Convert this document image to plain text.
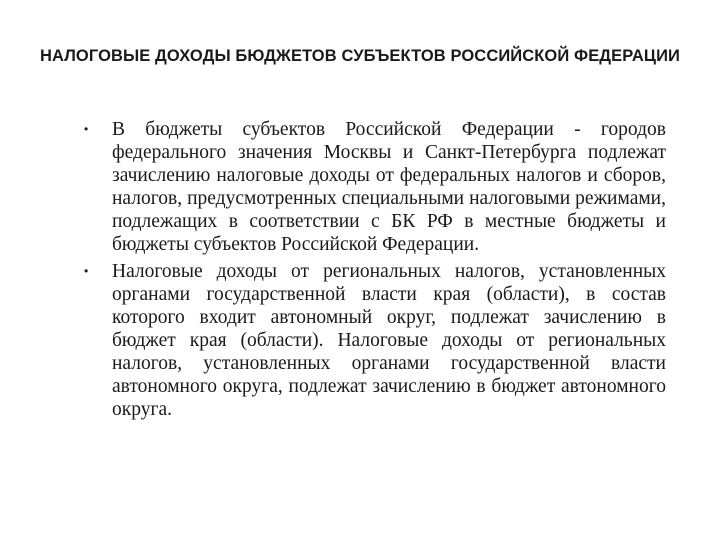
НАЛОГОВЫЕ ДОХОДЫ БЮДЖЕТОВ СУБЪЕКТОВ РОССИЙСКОЙ ФЕДЕРАЦИИ
•	В бюджеты субъектов Российской Федерации - городов федерального значения Москвы и Санкт-Петербурга подлежат зачислению налоговые доходы от федеральных налогов и сборов, налогов, предусмотренных специальными налоговыми режимами, подлежащих в соответствии с БК РФ в местные бюджеты и бюджеты субъектов Российской Федерации.
•	Налоговые доходы от региональных налогов, установленных органами государственной власти края (области), в состав которого входит автономный округ, подлежат зачислению в бюджет края (области). Налоговые доходы от региональных налогов, установленных органами государственной власти автономного округа, подлежат зачислению в бюджет автономного округа.
